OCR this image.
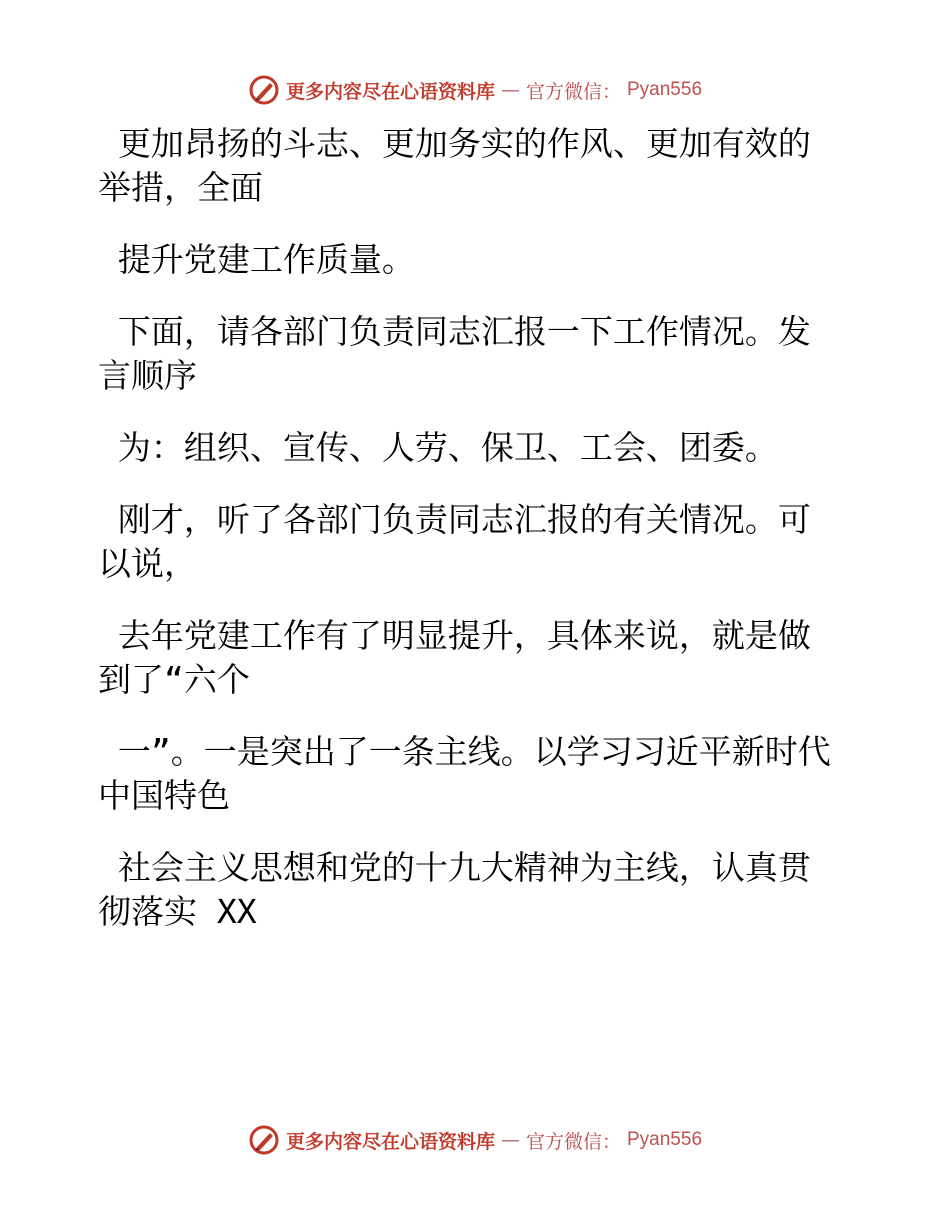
更多内容尽在心语资料库 — 官方微信： Pyan556

更加昂扬的斗志、更加务实的作风、更加有效的举措，全面

提升党建工作质量。

下面，请各部门负责同志汇报一下工作情况。发言顺序

为：组织、宣传、人劳、保卫、工会、团委。

刚才，听了各部门负责同志汇报的有关情况。可以说，

去年党建工作有了明显提升，具体来说，就是做到了“六个

一”。一是突出了一条主线。以学习习近平新时代中国特色

社会主义思想和党的十九大精神为主线，认真贯彻落实 XX

更多内容尽在心语资料库 — 官方微信： Pyan556
